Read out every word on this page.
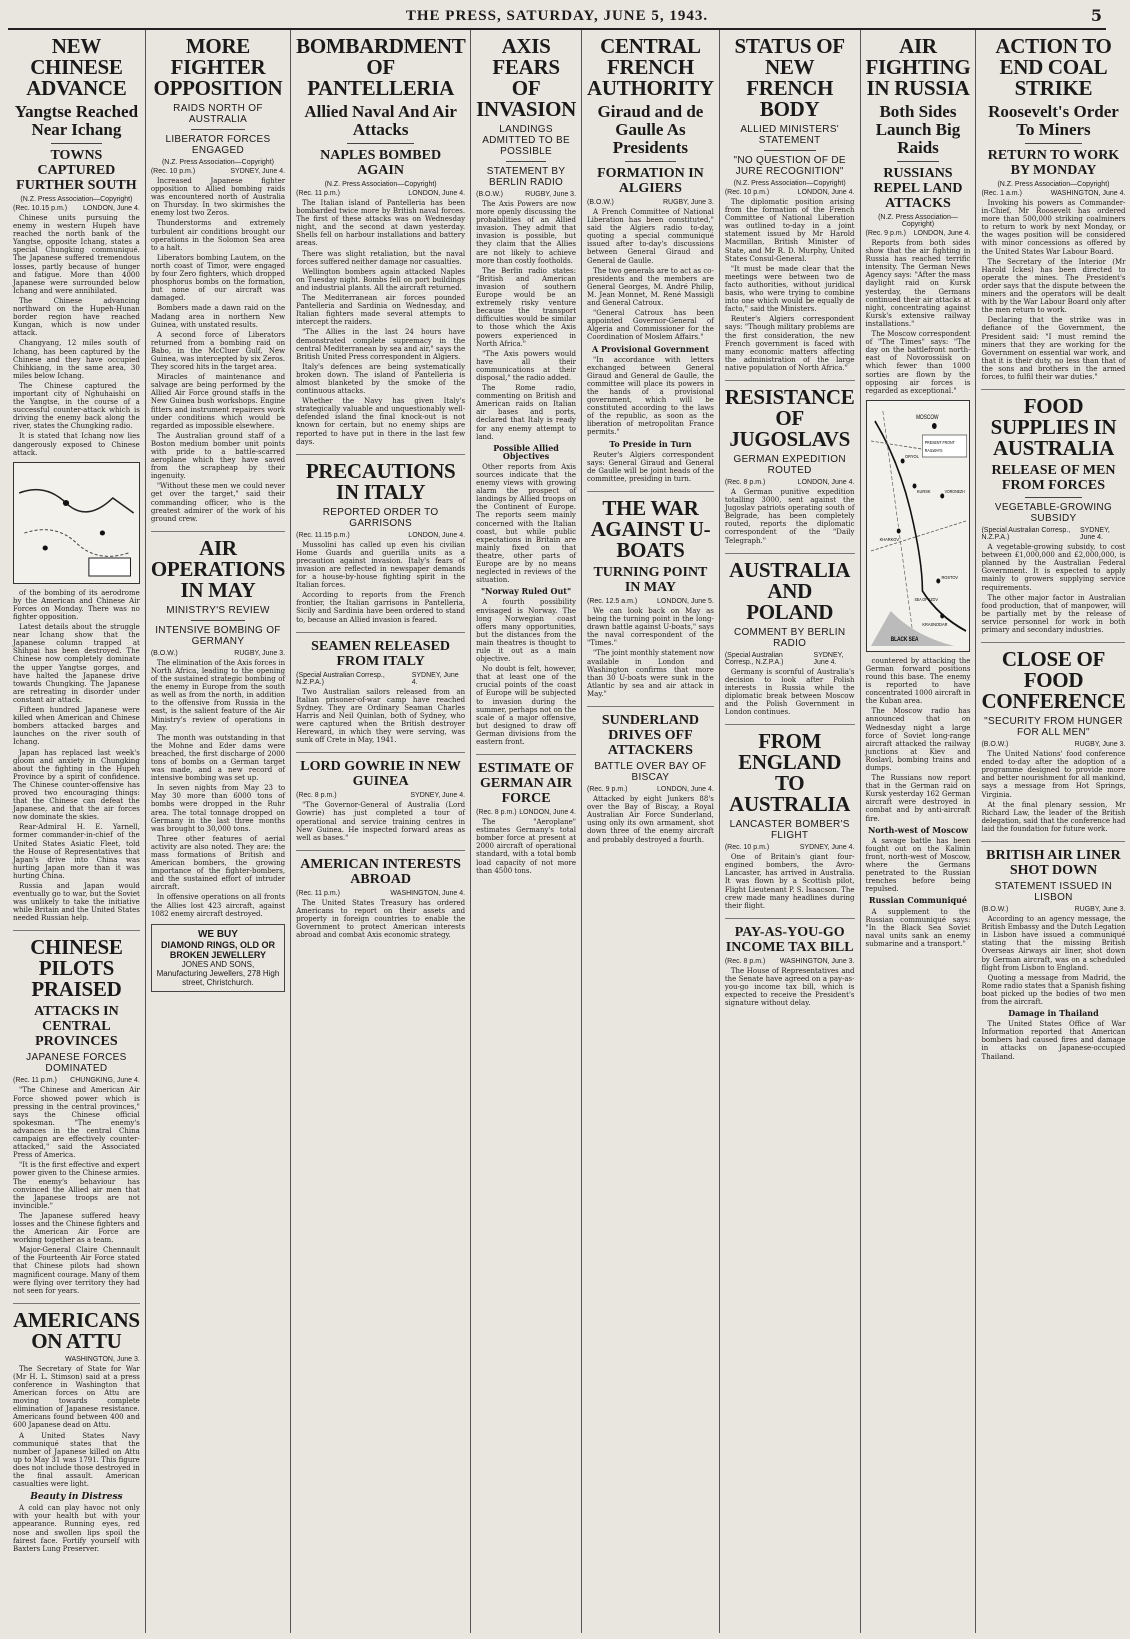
THE PRESS, SATURDAY, JUNE 5, 1943.	5
NEW CHINESE ADVANCE
Yangtse Reached Near Ichang
TOWNS CAPTURED FURTHER SOUTH
(N.Z. Press Association—Copyright)
(Rec. 10.15 p.m.) LONDON, June 4.

Chinese units pursuing the enemy in western Hupeh have reached the north bank of the Yangtse, opposite Ichang, states a special Chungking communiqué. The Japanese suffered tremendous losses, partly because of hunger and fatigue. More than 4000 Japanese were surrounded below Ichang and were annihilated.

The Chinese advancing northward on the Hupeh-Hunan border region have reached Kungan, which is now under attack.

Changyang, 12 miles south of Ichang, has been captured by the Chinese and they have occupied Chihkiang, in the same area, 30 miles below Ichang.

The Chinese captured the important city of Nghuhaishi on the Yangtse, in the course of a successful counter-attack which is driving the enemy back along the river, states the Chungking radio.

It is stated that Ichang now lies dangerously exposed to Chinese attack.

of the bombing of its aerodrome by the American and Chinese Air Forces on Monday. There was no fighter opposition.

Latest details about the struggle near Ichang show that the Japanese column trapped at Shihpai has been destroyed. The Chinese now completely dominate the upper Yangtse gorges, and have halted the Japanese drive towards Chungking. The Japanese are retreating in disorder under constant air attack.

Fifteen hundred Japanese were killed when American and Chinese bombers attacked barges and launches on the river south of Ichang.

Japan has replaced last week's gloom and anxiety in Chungking about the fighting in the Hupeh Province by a spirit of confidence. The Chinese counter-offensive has proved two encouraging things: that the Chinese can defeat the Japanese, and that the air forces now dominate the skies.

Rear-Admiral H. E. Yarnell, former commander-in-chief of the United States Asiatic Fleet, told the House of Representatives that Japan's drive into China was hurting Japan more than it was hurting China.

Russia and Japan would eventually go to war, but the Soviet was unlikely to take the initiative while Britain and the United States needed Russian help.

CHINESE PILOTS PRAISED
ATTACKS IN CENTRAL PROVINCES
JAPANESE FORCES DOMINATED
(Rec. 11 p.m.) CHUNGKING, June 4.

"The Chinese and American Air Force showed power which is pressing in the central provinces," says the Chinese official spokesman. "The enemy's advances in the central China campaign are effectively counter-attacked," said the Associated Press of America.

"It is the first effective and expert power given to the Chinese armies. The enemy's behaviour has convinced the Allied air men that the Japanese troops are not invincible."

The Japanese suffered heavy losses and the Chinese fighters and the American Air Force are working together as a team.

Major-General Claire Chennault of the Fourteenth Air Force stated that Chinese pilots had shown magnificent courage. Many of them were flying over territory they had not seen for years.

AMERICANS ON ATTU
WASHINGTON, June 3.

The Secretary of State for War (Mr H. L. Stimson) said at a press conference in Washington that American forces on Attu are moving towards complete elimination of Japanese resistance. Americans found between 400 and 600 Japanese dead on Attu.

A United States Navy communiqué states that the number of Japanese killed on Attu up to May 31 was 1791. This figure does not include those destroyed in the final assault. American casualties were light.

Beauty in Distress

A cold can play havoc not only with your health but with your appearance. Running eyes, red nose and swollen lips spoil the fairest face. Fortify yourself with Baxters Lung Preserver.

MORE FIGHTER OPPOSITION
RAIDS NORTH OF AUSTRALIA
LIBERATOR FORCES ENGAGED
(N.Z. Press Association—Copyright)
(Rec. 10 p.m.)	SYDNEY, June 4.

Increased Japanese fighter opposition to Allied bombing raids was encountered north of Australia on Thursday. In two skirmishes the enemy lost two Zeros.

Thunderstorms and extremely turbulent air conditions brought our operations in the Solomon Sea area to a halt.

Liberators bombing Lautem, on the north coast of Timor, were engaged by four Zero fighters, which dropped phosphorus bombs on the formation, but none of our aircraft was damaged.

Bombers made a dawn raid on the Madang area in northern New Guinea, with unstated results.

A second force of Liberators returned from a bombing raid on Babo, in the McCluer Gulf, New Guinea, was intercepted by six Zeros. They scored hits in the target area.

Miracles of maintenance and salvage are being performed by the Allied Air Force ground staffs in the New Guinea bush workshops. Engine fitters and instrument repairers work under conditions which would be regarded as impossible elsewhere.

The Australian ground staff of a Boston medium bomber unit points with pride to a battle-scarred aeroplane which they have saved from the scrapheap by their ingenuity.

"Without these men we could never get over the target," said their commanding officer, who is the greatest admirer of the work of his ground crew.

AIR OPERATIONS IN MAY
MINISTRY'S REVIEW
INTENSIVE BOMBING OF GERMANY
(B.O.W.)	RUGBY, June 3.

The elimination of the Axis forces in North Africa, leading to the opening of the sustained strategic bombing of the enemy in Europe from the south as well as from the north, in addition to the offensive from Russia in the east, is the salient feature of the Air Ministry's review of operations in May.

The month was outstanding in that the Mohne and Eder dams were breached, the first discharge of 2000 tons of bombs on a German target was made, and a new record of intensive bombing was set up.

In seven nights from May 23 to May 30 more than 6000 tons of bombs were dropped in the Ruhr area. The total tonnage dropped on Germany in the last three months was brought to 30,000 tons.

Three other features of aerial activity are also noted. They are: the mass formations of British and American bombers, the growing importance of the fighter-bombers, and the sustained effort of intruder aircraft.

In offensive operations on all fronts the Allies lost 423 aircraft, against 1082 enemy aircraft destroyed.

WE BUY
DIAMOND RINGS, OLD OR BROKEN JEWELLERY
JONES AND SONS, Manufacturing Jewellers, 278 High street, Christchurch.
BOMBARDMENT OF PANTELLERIA
Allied Naval And Air Attacks
NAPLES BOMBED AGAIN
(N.Z. Press Association—Copyright)
(Rec. 11 p.m.)	LONDON, June 4.

The Italian island of Pantelleria has been bombarded twice more by British naval forces. The first of these attacks was on Wednesday night, and the second at dawn yesterday. Shells fell on harbour installations and battery areas.

There was slight retaliation, but the naval forces suffered neither damage nor casualties.

Wellington bombers again attacked Naples on Tuesday night. Bombs fell on port buildings and industrial plants. All the aircraft returned.

The Mediterranean air forces pounded Pantelleria and Sardinia on Wednesday, and Italian fighters made several attempts to intercept the raiders.

"The Allies in the last 24 hours have demonstrated complete supremacy in the central Mediterranean by sea and air," says the British United Press correspondent in Algiers.

Italy's defences are being systematically broken down. The island of Pantelleria is almost blanketed by the smoke of the continuous attacks.

Whether the Navy has given Italy's strategically valuable and unquestionably well-defended island the final knock-out is not known for certain, but no enemy ships are reported to have put in there in the last few days.

PRECAUTIONS IN ITALY
REPORTED ORDER TO GARRISONS
(Rec. 11.15 p.m.)	LONDON, June 4.

Mussolini has called up even his civilian Home Guards and guerilla units as a precaution against invasion. Italy's fears of invasion are reflected in newspaper demands for a house-by-house fighting spirit in the Italian forces.

According to reports from the French frontier, the Italian garrisons in Pantelleria, Sicily and Sardinia have been ordered to stand to, because an Allied invasion is feared.

SEAMEN RELEASED FROM ITALY
(Special Australian Corresp., N.Z.P.A.)
SYDNEY, June 4.

Two Australian sailors released from an Italian prisoner-of-war camp have reached Sydney. They are Ordinary Seaman Charles Harris and Neil Quinlan, both of Sydney, who were captured when the British destroyer Hereward, in which they were serving, was sunk off Crete in May, 1941.

LORD GOWRIE IN NEW GUINEA
(Rec. 8 p.m.)	SYDNEY, June 4.

"The Governor-General of Australia (Lord Gowrie) has just completed a tour of operational and service training centres in New Guinea. He inspected forward areas as well as bases."

AMERICAN INTERESTS ABROAD
(Rec. 11 p.m.)	WASHINGTON, June 4.

The United States Treasury has ordered Americans to report on their assets and property in foreign countries to enable the Government to protect American interests abroad and combat Axis economic strategy.

AXIS FEARS OF INVASION
LANDINGS ADMITTED TO BE POSSIBLE
STATEMENT BY BERLIN RADIO
(B.O.W.)	RUGBY, June 3.

The Axis Powers are now more openly discussing the probabilities of an Allied invasion. They admit that invasion is possible, but they claim that the Allies are not likely to achieve more than costly footholds.

The Berlin radio states: "British and American invasion of southern Europe would be an extremely risky venture because the transport difficulties would be similar to those which the Axis powers experienced in North Africa."

"The Axis powers would have all their communications at their disposal," the radio added.

The Rome radio, commenting on British and American raids on Italian air bases and ports, declared that Italy is ready for any enemy attempt to land.

Possible Allied Objectives

Other reports from Axis sources indicate that the enemy views with growing alarm the prospect of landings by Allied troops on the Continent of Europe. The reports seem mainly concerned with the Italian coast, but while public expectations in Britain are mainly fixed on that theatre, other parts of Europe are by no means neglected in reviews of the situation.

"Norway Ruled Out"

A fourth possibility envisaged is Norway. The long Norwegian coast offers many opportunities, but the distances from the main theatres is thought to rule it out as a main objective.

No doubt is felt, however, that at least one of the crucial points of the coast of Europe will be subjected to invasion during the summer, perhaps not on the scale of a major offensive, but designed to draw off German divisions from the eastern front.

ESTIMATE OF GERMAN AIR FORCE
(Rec. 8 p.m.) LONDON, June 4.

The "Aeroplane" estimates Germany's total bomber force at present at 2000 aircraft of operational standard, with a total bomb load capacity of not more than 4500 tons.

CENTRAL FRENCH AUTHORITY
Giraud and de Gaulle As Presidents
FORMATION IN ALGIERS
(B.O.W.)	RUGBY, June 3.

A French Committee of National Liberation has been constituted," said the Algiers radio to-day, quoting a special communiqué issued after to-day's discussions between General Giraud and General de Gaulle.

The two generals are to act as co-presidents and the members are General Georges, M. André Philip, M. Jean Monnet, M. René Massigli and General Catroux.

"General Catroux has been appointed Governor-General of Algeria and Commissioner for the Coordination of Moslem Affairs."

A Provisional Government

"In accordance with letters exchanged between General Giraud and General de Gaulle, the committee will place its powers in the hands of a provisional government, which will be constituted according to the laws of the republic, as soon as the liberation of metropolitan France permits."

To Preside in Turn

Reuter's Algiers correspondent says: General Giraud and General de Gaulle will be joint heads of the committee, presiding in turn.

THE WAR AGAINST U-BOATS
TURNING POINT IN MAY
(Rec. 12.5 a.m.)	LONDON, June 5.

We can look back on May as being the turning point in the long-drawn battle against U-boats," says the naval correspondent of the "Times."

"The joint monthly statement now available in London and Washington confirms that more than 30 U-boats were sunk in the Atlantic by sea and air attack in May."

SUNDERLAND DRIVES OFF ATTACKERS
BATTLE OVER BAY OF BISCAY
(Rec. 9 p.m.)	LONDON, June 4.

Attacked by eight Junkers 88's over the Bay of Biscay, a Royal Australian Air Force Sunderland, using only its own armament, shot down three of the enemy aircraft and probably destroyed a fourth.

STATUS OF NEW FRENCH BODY
ALLIED MINISTERS' STATEMENT
"NO QUESTION OF DE JURE RECOGNITION"
(N.Z. Press Association—Copyright)
(Rec. 10 p.m.)	LONDON, June 4.

The diplomatic position arising from the formation of the French Committee of National Liberation was outlined to-day in a joint statement issued by Mr Harold Macmillan, British Minister of State, and Mr R. D. Murphy, United States Consul-General.

"It must be made clear that the meetings were between two de facto authorities, without juridical basis, who were trying to combine into one which would be equally de facto," said the Ministers.

Reuter's Algiers correspondent says: "Though military problems are the first consideration, the new French government is faced with many economic matters affecting the administration of the large native population of North Africa."

RESISTANCE OF JUGOSLAVS
GERMAN EXPEDITION ROUTED
(Rec. 8 p.m.)	LONDON, June 4.

A German punitive expedition totalling 3000, sent against the Jugoslav patriots operating south of Belgrade, has been completely routed, reports the diplomatic correspondent of the "Daily Telegraph."

AUSTRALIA AND POLAND
COMMENT BY BERLIN RADIO
(Special Australian Corresp., N.Z.P.A.)
SYDNEY, June 4.

Germany is scornful of Australia's decision to look after Polish interests in Russia while the diplomatic break between Moscow and the Polish Government in London continues.

FROM ENGLAND TO AUSTRALIA
LANCASTER BOMBER'S FLIGHT
(Rec. 10 p.m.)	SYDNEY, June 4.

One of Britain's giant four-engined bombers, the Avro-Lancaster, has arrived in Australia. It was flown by a Scottish pilot, Flight Lieutenant P. S. Isaacson. The crew made many headlines during their flight.

PAY-AS-YOU-GO INCOME TAX BILL
(Rec. 8 p.m.) WASHINGTON, June 3.

The House of Representatives and the Senate have agreed on a pay-as-you-go income tax bill, which is expected to receive the President's signature without delay.

AIR FIGHTING IN RUSSIA
Both Sides Launch Big Raids
RUSSIANS REPEL LAND ATTACKS
(N.Z. Press Association—Copyright)
(Rec. 9 p.m.) LONDON, June 4.

Reports from both sides show that the air fighting in Russia has reached terrific intensity. The German News Agency says: "After the mass daylight raid on Kursk yesterday, the Germans continued their air attacks at night, concentrating against Kursk's extensive railway installations."

The Moscow correspondent of "The Times" says: "The day on the battlefront north-east of Novorossiisk on which fewer than 1000 sorties are flown by the opposing air forces is regarded as exceptional."

MOSCOW
KURSK
ORYOL
KHARKOV
ROSTOV
KRASNODAR
BLACK SEA
SEA OF AZOV
VORONEZH
PRESENT FRONT
RAILWAYS

countered by attacking the German forward positions round this base. The enemy is reported to have concentrated 1000 aircraft in the Kuban area.

The Moscow radio has announced that on Wednesday night a large force of Soviet long-range aircraft attacked the railway junctions at Kiev and Roslavl, bombing trains and dumps.

The Russians now report that in the German raid on Kursk yesterday 162 German aircraft were destroyed in combat and by anti-aircraft fire.

North-west of Moscow

A savage battle has been fought out on the Kalinin front, north-west of Moscow, where the Germans penetrated to the Russian trenches before being repulsed.

Russian Communiqué

A supplement to the Russian communiqué says: "In the Black Sea Soviet naval units sank an enemy submarine and a transport."

ACTION TO END COAL STRIKE
Roosevelt's Order To Miners
RETURN TO WORK BY MONDAY
(N.Z. Press Association—Copyright)
(Rec. 1 a.m.)	WASHINGTON, June 4.

Invoking his powers as Commander-in-Chief, Mr Roosevelt has ordered more than 500,000 striking coalminers to return to work by next Monday, or the wages position will be considered with minor concessions as offered by the United States War Labour Board.

The Secretary of the Interior (Mr Harold Ickes) has been directed to operate the mines. The President's order says that the dispute between the miners and the operators will be dealt with by the War Labour Board only after the men return to work.

Declaring that the strike was in defiance of the Government, the President said: "I must remind the miners that they are working for the Government on essential war work, and that it is their duty, no less than that of the sons and brothers in the armed forces, to fulfil their war duties."

FOOD SUPPLIES IN AUSTRALIA
RELEASE OF MEN FROM FORCES
VEGETABLE-GROWING SUBSIDY
(Special Australian Corresp., N.Z.P.A.)
SYDNEY, June 4.

A vegetable-growing subsidy, to cost between £1,000,000 and £2,000,000, is planned by the Australian Federal Government. It is expected to apply mainly to growers supplying service requirements.

The other major factor in Australian food production, that of manpower, will be partially met by the release of service personnel for work in both primary and secondary industries.

CLOSE OF FOOD CONFERENCE
"SECURITY FROM HUNGER FOR ALL MEN"
(B.O.W.)	RUGBY, June 3.

The United Nations' food conference ended to-day after the adoption of a programme designed to provide more and better nourishment for all mankind, says a message from Hot Springs, Virginia.

At the final plenary session, Mr Richard Law, the leader of the British delegation, said that the conference had laid the foundation for future work.

BRITISH AIR LINER SHOT DOWN
STATEMENT ISSUED IN LISBON
(B.O.W.)	RUGBY, June 3.

According to an agency message, the British Embassy and the Dutch Legation in Lisbon have issued a communiqué stating that the missing British Overseas Airways air liner, shot down by German aircraft, was on a scheduled flight from Lisbon to England.

Quoting a message from Madrid, the Rome radio states that a Spanish fishing boat picked up the bodies of two men from the aircraft.

Damage in Thailand

The United States Office of War Information reported that American bombers had caused fires and damage in attacks on Japanese-occupied Thailand.
